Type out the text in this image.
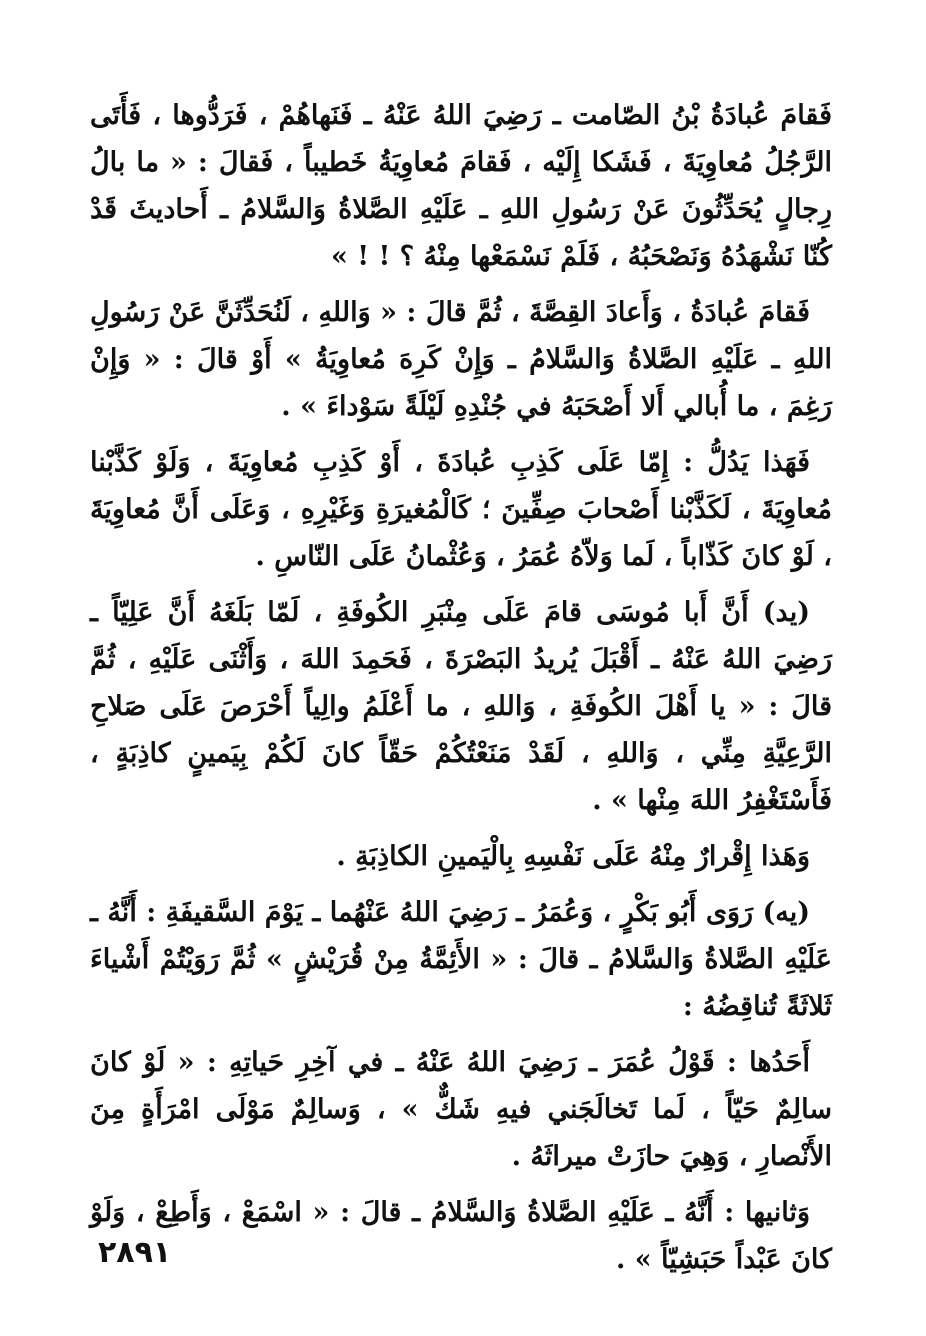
فَقامَ عُبادَةُ بْنُ الصّامت ـ رَضِيَ اللهُ عَنْهُ ـ فَنَهاهُمْ ، فَرَدُّوها ، فَأَتَى الرَّجُلُ مُعاوِيَةَ ، فَشَكا إِلَيْه ، فَقامَ مُعاوِيَةُ خَطيباً ، فَقالَ : « ما بالُ رِجالٍ يُحَدِّثُونَ عَنْ رَسُولِ اللهِ ـ عَلَيْهِ الصَّلاةُ وَالسَّلامُ ـ أَحاديثَ قَدْ كُنّا نَشْهَدُهُ وَنَصْحَبُهُ ، فَلَمْ نَسْمَعْها مِنْهُ ؟ ! ! »

فَقامَ عُبادَةُ ، وَأَعادَ القِصَّةَ ، ثُمَّ قالَ : « وَاللهِ ، لَنُحَدِّثَنَّ عَنْ رَسُولِ اللهِ ـ عَلَيْهِ الصَّلاةُ وَالسَّلامُ ـ وَإِنْ كَرِهَ مُعاوِيَةُ » أَوْ قالَ : « وَإِنْ رَغِمَ ، ما أُبالي أَلا أَصْحَبَهُ في جُنْدِهِ لَيْلَةً سَوْداءَ » .

فَهَذا يَدُلُّ : إِمّا عَلَى كَذِبِ عُبادَةَ ، أَوْ كَذِبِ مُعاوِيَةَ ، وَلَوْ كَذَّبْنا مُعاوِيَةَ ، لَكَذَّبْنا أَصْحابَ صِفِّينَ ؛ كَالْمُغيرَةِ وَغَيْرِهِ ، وَعَلَى أَنَّ مُعاوِيَةَ ، لَوْ كانَ كَذّاباً ، لَما وَلاّهُ عُمَرُ ، وَعُثْمانُ عَلَى النّاسِ .

(يد) أَنَّ أَبا مُوسَى قامَ عَلَى مِنْبَرِ الكُوفَةِ ، لَمّا بَلَغَهُ أَنَّ عَلِيّاً ـ رَضِيَ اللهُ عَنْهُ ـ أَقْبَلَ يُريدُ البَصْرَةَ ، فَحَمِدَ اللهَ ، وَأَثْنَى عَلَيْهِ ، ثُمَّ قالَ : « يا أَهْلَ الكُوفَةِ ، وَاللهِ ، ما أَعْلَمُ والِياً أَحْرَصَ عَلَى صَلاحِ الرَّعِيَّةِ مِنِّي ، وَاللهِ ، لَقَدْ مَنَعْتُكُمْ حَقّاً كانَ لَكُمْ بِيَمينٍ كاذِبَةٍ ، فَأَسْتَغْفِرُ اللهَ مِنْها » .

وَهَذا إِقْرارٌ مِنْهُ عَلَى نَفْسِهِ بِالْيَمينِ الكاذِبَةِ .

(يه) رَوَى أَبُو بَكْرٍ ، وَعُمَرُ ـ رَضِيَ اللهُ عَنْهُما ـ يَوْمَ السَّقيفَةِ : أَنَّهُ ـ عَلَيْهِ الصَّلاةُ وَالسَّلامُ ـ قالَ : « الأَئِمَّةُ مِنْ قُرَيْشٍ » ثُمَّ رَوَيْتُمْ أَشْياءَ ثَلاثَةً تُناقِضُهُ :

أَحَدُها : قَوْلُ عُمَرَ ـ رَضِيَ اللهُ عَنْهُ ـ في آخِرِ حَياتِهِ : « لَوْ كانَ سالِمٌ حَيّاً ، لَما تَخالَجَني فيهِ شَكٌّ » ، وَسالِمٌ مَوْلَى امْرَأَةٍ مِنَ الأَنْصارِ ، وَهِيَ حازَتْ ميراثَهُ .

وَثانيها : أَنَّهُ ـ عَلَيْهِ الصَّلاةُ وَالسَّلامُ ـ قالَ : « اسْمَعْ ، وَأَطِعْ ، وَلَوْ كانَ عَبْداً حَبَشِيّاً » .

٢٨٩١
